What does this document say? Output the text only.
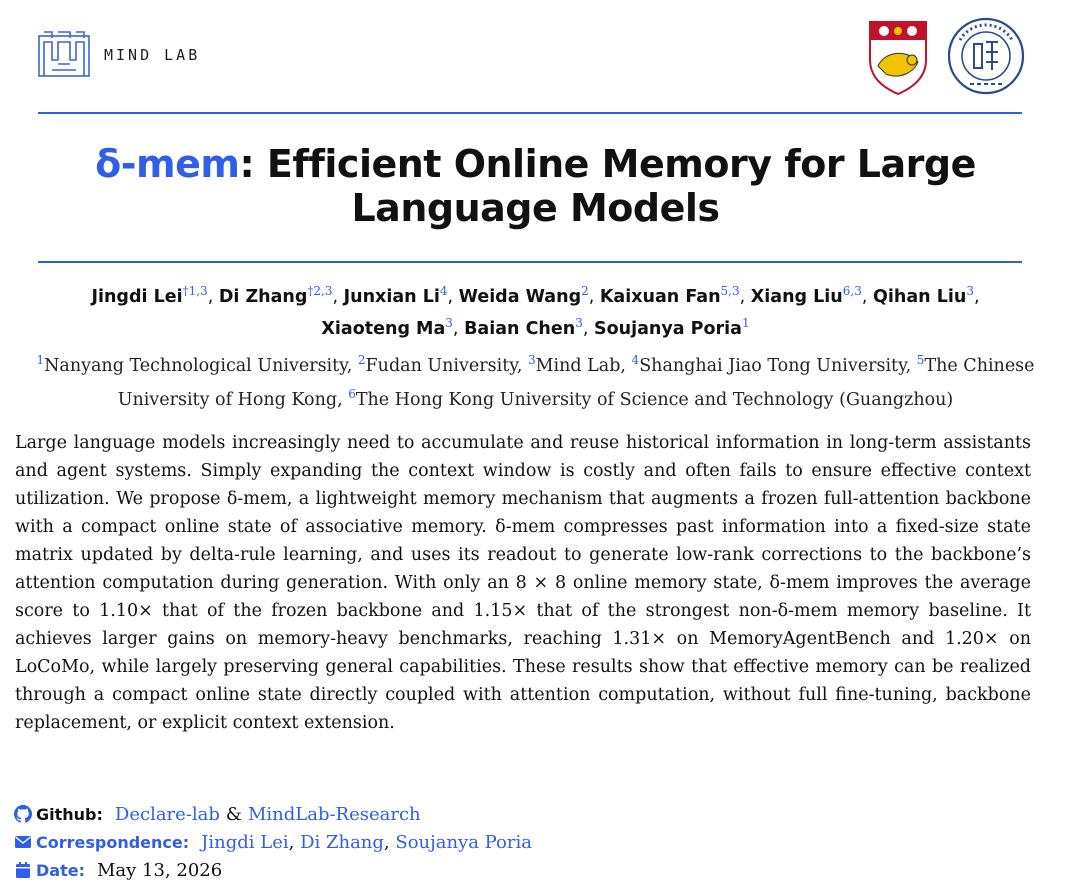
MIND LAB
δ-mem: Efficient Online Memory for Large Language Models
Jingdi Lei$^{\dagger 1,3}$, Di Zhang$^{\dagger 2,3}$, Junxian Li$^4$, Weida Wang$^2$, Kaixuan Fan$^{5,3}$, Xiang Liu$^{6,3}$, Qihan Liu$^3$,
Xiaoteng Ma$^3$, Baian Chen$^3$, Soujanya Poria$^1$
$^1$Nanyang Technological University, $^2$Fudan University, $^3$Mind Lab, $^4$Shanghai Jiao Tong University, $^5$The Chinese University of Hong Kong, $^6$The Hong Kong University of Science and Technology (Guangzhou)
Large language models increasingly need to accumulate and reuse historical information in long-term assistants and agent systems. Simply expanding the context window is costly and often fails to ensure effective context utilization. We propose δ-mem, a lightweight memory mechanism that augments a frozen full-attention backbone with a compact online state of associative memory. δ-mem compresses past information into a fixed-size state matrix updated by delta-rule learning, and uses its readout to generate low-rank corrections to the backbone’s attention computation during generation. With only an 8 × 8 online memory state, δ-mem improves the average score to 1.10× that of the frozen backbone and 1.15× that of the strongest non-δ-mem memory baseline. It achieves larger gains on memory-heavy benchmarks, reaching 1.31× on MemoryAgentBench and 1.20× on LoCoMo, while largely preserving general capabilities. These results show that effective memory can be realized through a compact online state directly coupled with attention computation, without full fine-tuning, backbone replacement, or explicit context extension.
Github: Declare-lab & MindLab-Research
Correspondence: Jingdi Lei , Di Zhang , Soujanya Poria
Date: May 13, 2026
